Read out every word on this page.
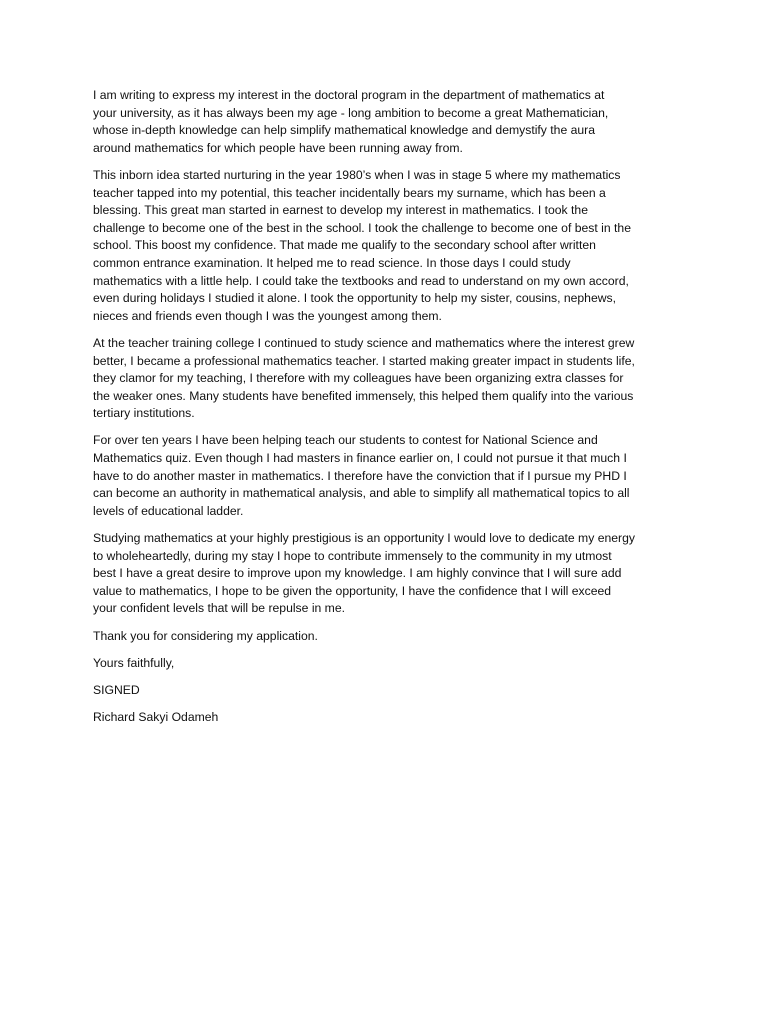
I am writing to express my interest in the doctoral program in the department of mathematics at
your university, as it has always been my age - long ambition to become a great Mathematician,
whose in-depth knowledge can help simplify mathematical knowledge and demystify the aura
around mathematics for which people have been running away from.

This inborn idea started nurturing in the year 1980’s when I was in stage 5 where my mathematics
teacher tapped into my potential, this teacher incidentally bears my surname, which has been a
blessing. This great man started in earnest to develop my interest in mathematics. I took the
challenge to become one of the best in the school. I took the challenge to become one of best in the
school. This boost my confidence. That made me qualify to the secondary school after written
common entrance examination. It helped me to read science. In those days I could study
mathematics with a little help. I could take the textbooks and read to understand on my own accord,
even during holidays I studied it alone. I took the opportunity to help my sister, cousins, nephews,
nieces and friends even though I was the youngest among them.

At the teacher training college I continued to study science and mathematics where the interest grew
better, I became a professional mathematics teacher. I started making greater impact in students life,
they clamor for my teaching, I therefore with my colleagues have been organizing extra classes for
the weaker ones. Many students have benefited immensely, this helped them qualify into the various
tertiary institutions.

For over ten years I have been helping teach our students to contest for National Science and
Mathematics quiz. Even though I had masters in finance earlier on, I could not pursue it that much I
have to do another master in mathematics. I therefore have the conviction that if I pursue my PHD I
can become an authority in mathematical analysis, and able to simplify all mathematical topics to all
levels of educational ladder.

Studying mathematics at your highly prestigious is an opportunity I would love to dedicate my energy
to wholeheartedly, during my stay I hope to contribute immensely to the community in my utmost
best I have a great desire to improve upon my knowledge. I am highly convince that I will sure add
value to mathematics, I hope to be given the opportunity, I have the confidence that I will exceed
your confident levels that will be repulse in me.

Thank you for considering my application.

Yours faithfully,

SIGNED

Richard Sakyi Odameh
